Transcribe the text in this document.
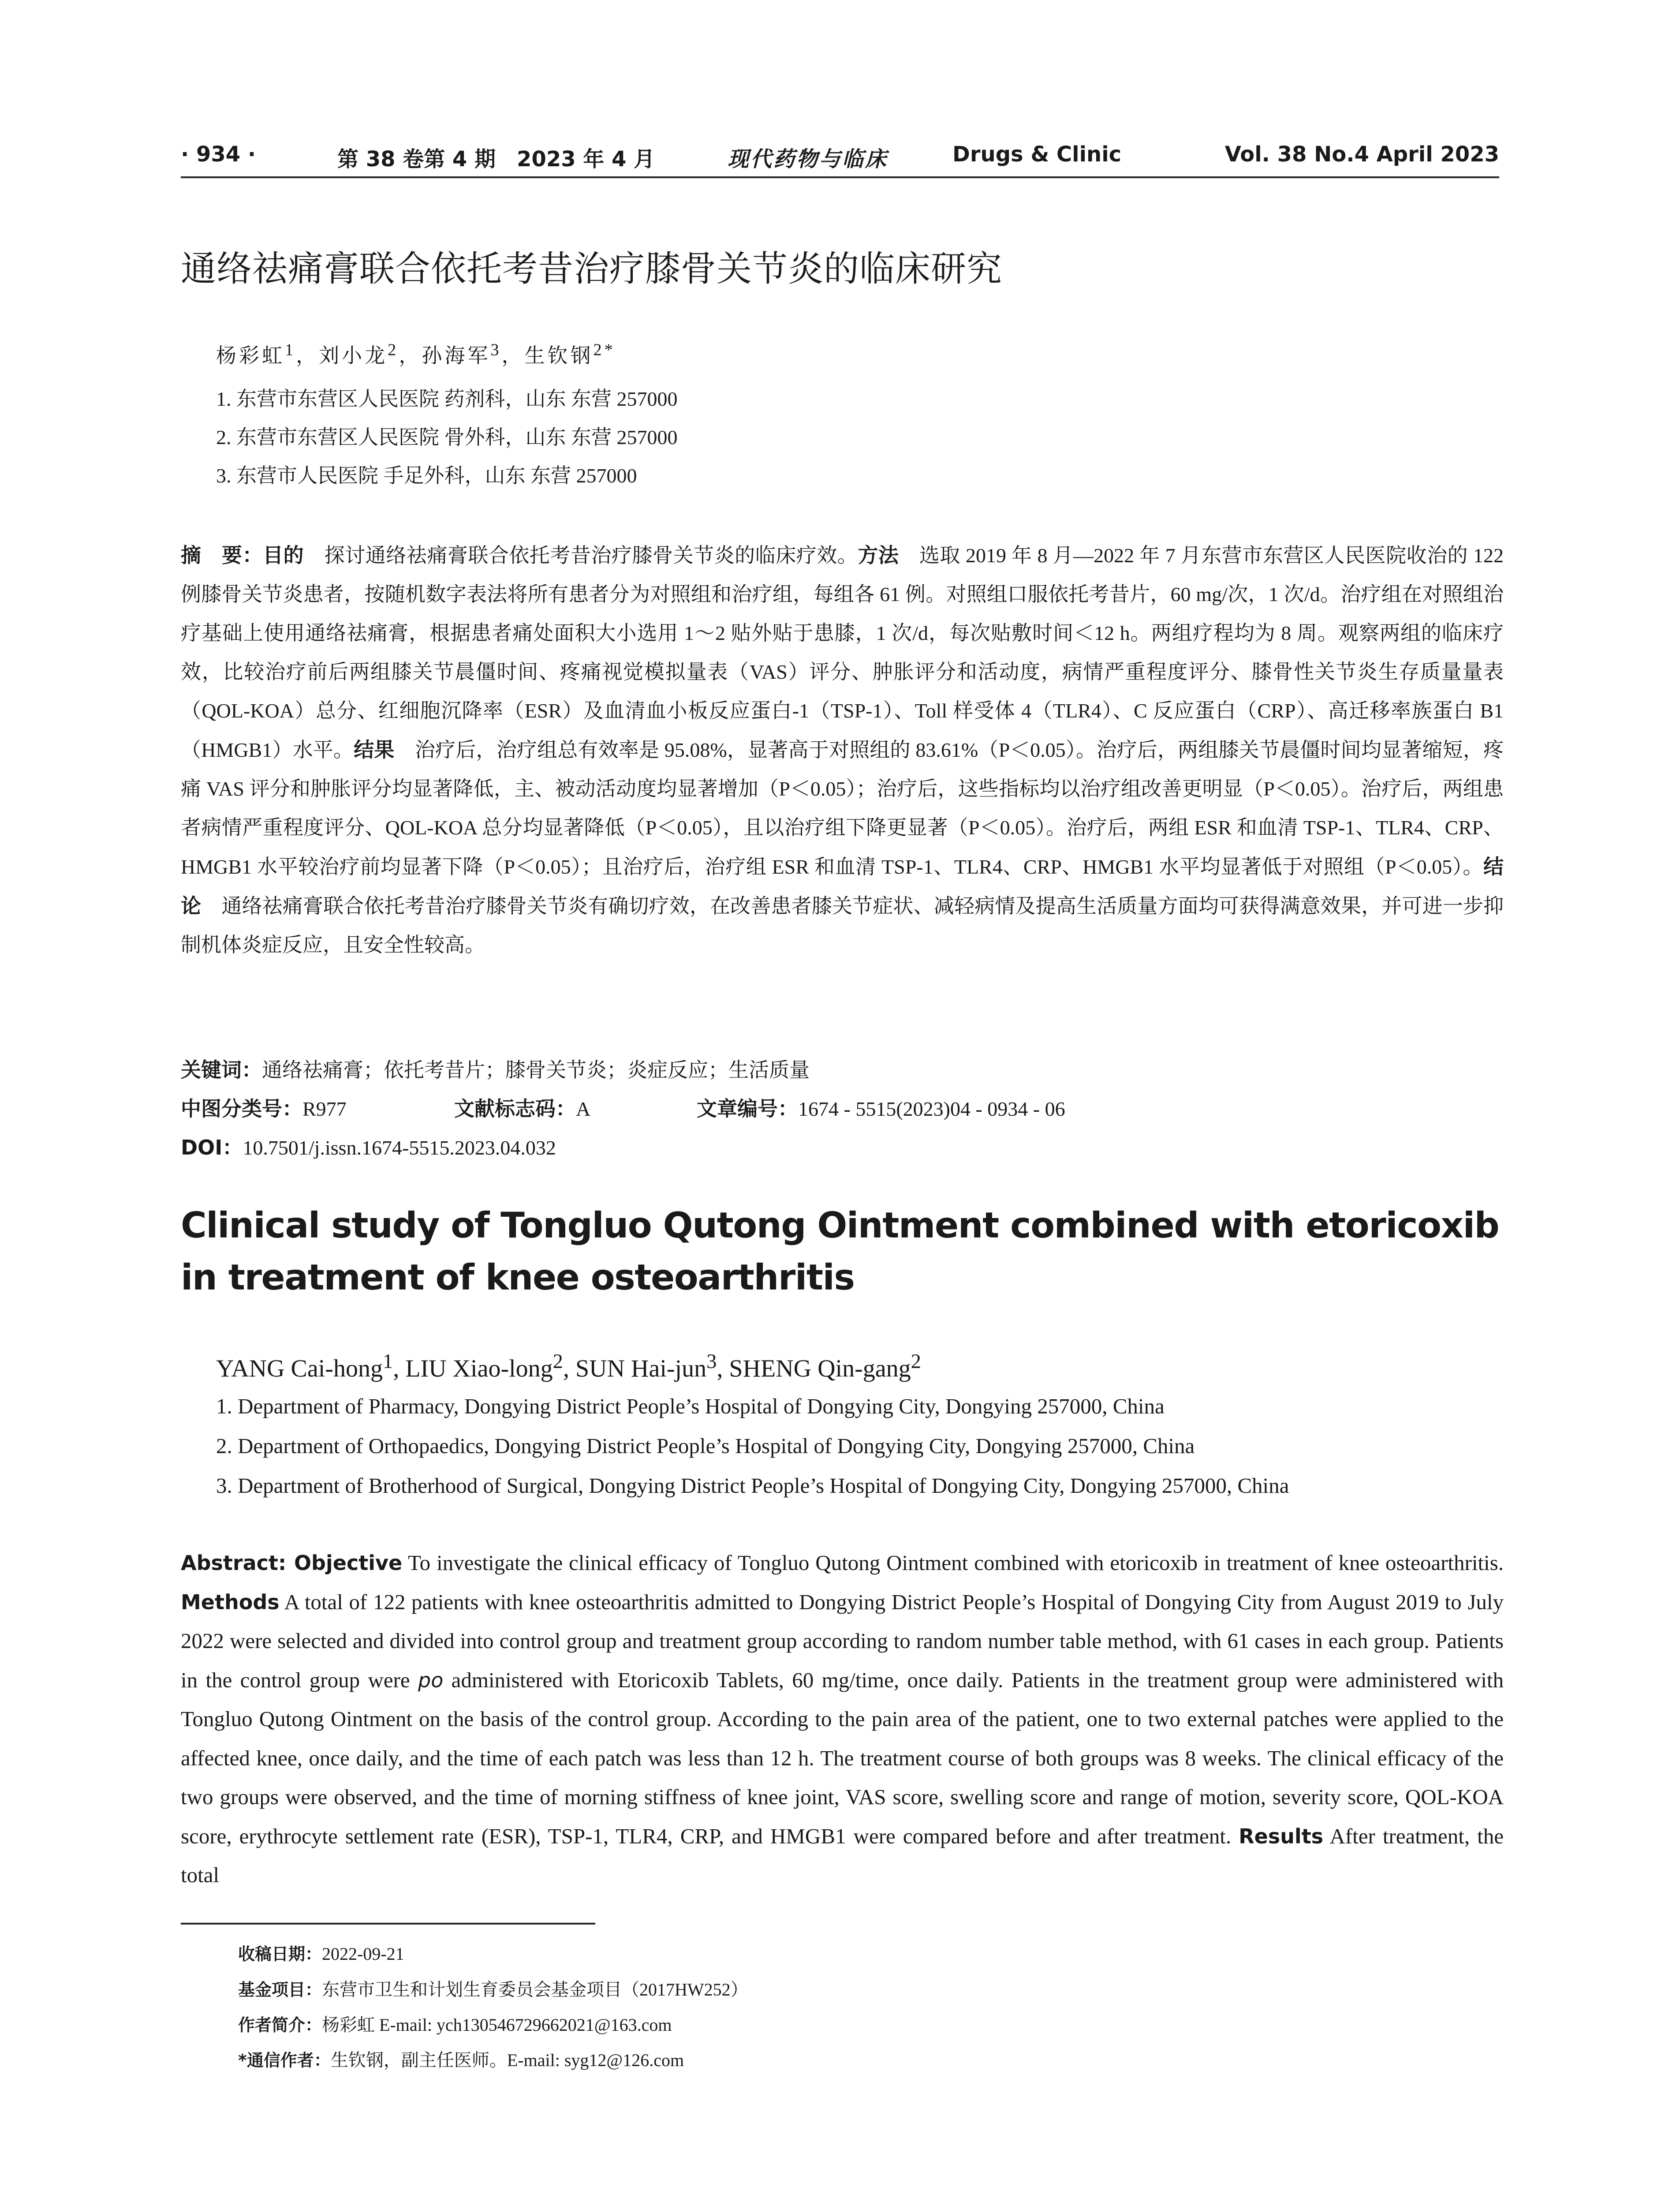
· 934 ·	第 38 卷第 4 期　2023 年 4 月	现代药物与临床	Drugs & Clinic	Vol. 38 No.4 April 2023
通络祛痛膏联合依托考昔治疗膝骨关节炎的临床研究
杨彩虹$^1$，刘小龙$^2$，孙海军$^3$，生钦钢$^{2*}$
1. 东营市东营区人民医院 药剂科，山东 东营 257000
2. 东营市东营区人民医院 骨外科，山东 东营 257000
3. 东营市人民医院 手足外科，山东 东营 257000
摘　要：目的　探讨通络祛痛膏联合依托考昔治疗膝骨关节炎的临床疗效。方法　选取 2019 年 8 月—2022 年 7 月东营市东营区人民医院收治的 122 例膝骨关节炎患者，按随机数字表法将所有患者分为对照组和治疗组，每组各 61 例。对照组口服依托考昔片，60 mg/次，1 次/d。治疗组在对照组治疗基础上使用通络祛痛膏，根据患者痛处面积大小选用 1～2 贴外贴于患膝，1 次/d，每次贴敷时间＜12 h。两组疗程均为 8 周。观察两组的临床疗效，比较治疗前后两组膝关节晨僵时间、疼痛视觉模拟量表（VAS）评分、肿胀评分和活动度，病情严重程度评分、膝骨性关节炎生存质量量表（QOL-KOA）总分、红细胞沉降率（ESR）及血清血小板反应蛋白-1（TSP-1）、Toll 样受体 4（TLR4）、C 反应蛋白（CRP）、高迁移率族蛋白 B1（HMGB1）水平。结果　治疗后，治疗组总有效率是 95.08%，显著高于对照组的 83.61%（P＜0.05）。治疗后，两组膝关节晨僵时间均显著缩短，疼痛 VAS 评分和肿胀评分均显著降低，主、被动活动度均显著增加（P＜0.05）；治疗后，这些指标均以治疗组改善更明显（P＜0.05）。治疗后，两组患者病情严重程度评分、QOL-KOA 总分均显著降低（P＜0.05），且以治疗组下降更显著（P＜0.05）。治疗后，两组 ESR 和血清 TSP-1、TLR4、CRP、HMGB1 水平较治疗前均显著下降（P＜0.05）；且治疗后，治疗组 ESR 和血清 TSP-1、TLR4、CRP、HMGB1 水平均显著低于对照组（P＜0.05）。结论　通络祛痛膏联合依托考昔治疗膝骨关节炎有确切疗效，在改善患者膝关节症状、减轻病情及提高生活质量方面均可获得满意效果，并可进一步抑制机体炎症反应，且安全性较高。
关键词：通络祛痛膏；依托考昔片；膝骨关节炎；炎症反应；生活质量
中图分类号：R977	文献标志码：A	文章编号：1674 - 5515(2023)04 - 0934 - 06
DOI：10.7501/j.issn.1674-5515.2023.04.032
Clinical study of Tongluo Qutong Ointment combined with etoricoxib in treatment of knee osteoarthritis
YANG Cai-hong$^1$, LIU Xiao-long$^2$, SUN Hai-jun$^3$, SHENG Qin-gang$^2$
1. Department of Pharmacy, Dongying District People’s Hospital of Dongying City, Dongying 257000, China
2. Department of Orthopaedics, Dongying District People’s Hospital of Dongying City, Dongying 257000, China
3. Department of Brotherhood of Surgical, Dongying District People’s Hospital of Dongying City, Dongying 257000, China
Abstract: Objective To investigate the clinical efficacy of Tongluo Qutong Ointment combined with etoricoxib in treatment of knee osteoarthritis. Methods A total of 122 patients with knee osteoarthritis admitted to Dongying District People’s Hospital of Dongying City from August 2019 to July 2022 were selected and divided into control group and treatment group according to random number table method, with 61 cases in each group. Patients in the control group were po administered with Etoricoxib Tablets, 60 mg/time, once daily. Patients in the treatment group were administered with Tongluo Qutong Ointment on the basis of the control group. According to the pain area of the patient, one to two external patches were applied to the affected knee, once daily, and the time of each patch was less than 12 h. The treatment course of both groups was 8 weeks. The clinical efficacy of the two groups were observed, and the time of morning stiffness of knee joint, VAS score, swelling score and range of motion, severity score, QOL-KOA score, erythrocyte settlement rate (ESR), TSP-1, TLR4, CRP, and HMGB1 were compared before and after treatment. Results After treatment, the total
收稿日期：2022-09-21
基金项目：东营市卫生和计划生育委员会基金项目（2017HW252）
作者简介：杨彩虹 E-mail: ych130546729662021@163.com
*通信作者：生钦钢，副主任医师。E-mail: syg12@126.com
